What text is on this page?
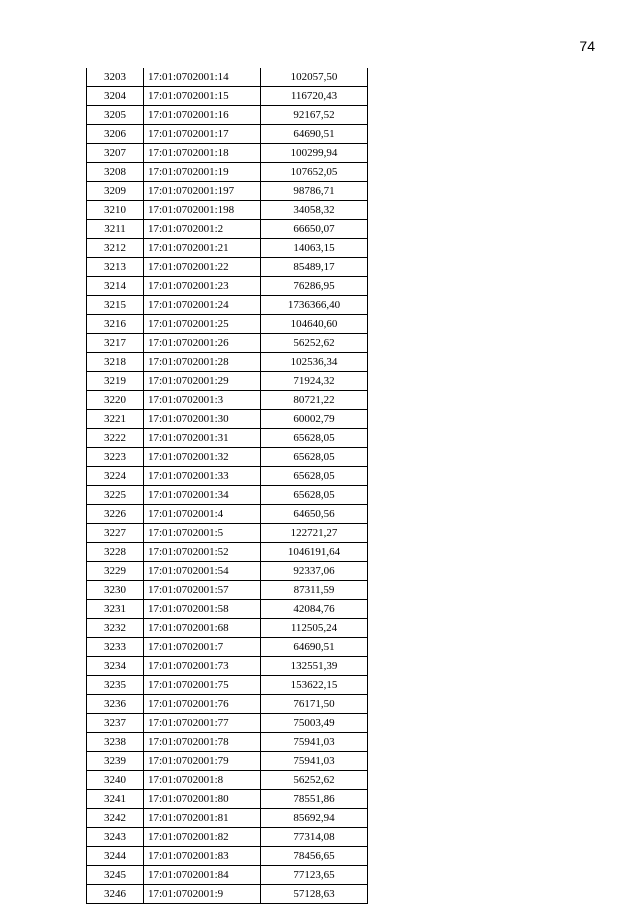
74
3203	17:01:0702001:14	102057,50
3204	17:01:0702001:15	116720,43
3205	17:01:0702001:16	92167,52
3206	17:01:0702001:17	64690,51
3207	17:01:0702001:18	100299,94
3208	17:01:0702001:19	107652,05
3209	17:01:0702001:197	98786,71
3210	17:01:0702001:198	34058,32
3211	17:01:0702001:2	66650,07
3212	17:01:0702001:21	14063,15
3213	17:01:0702001:22	85489,17
3214	17:01:0702001:23	76286,95
3215	17:01:0702001:24	1736366,40
3216	17:01:0702001:25	104640,60
3217	17:01:0702001:26	56252,62
3218	17:01:0702001:28	102536,34
3219	17:01:0702001:29	71924,32
3220	17:01:0702001:3	80721,22
3221	17:01:0702001:30	60002,79
3222	17:01:0702001:31	65628,05
3223	17:01:0702001:32	65628,05
3224	17:01:0702001:33	65628,05
3225	17:01:0702001:34	65628,05
3226	17:01:0702001:4	64650,56
3227	17:01:0702001:5	122721,27
3228	17:01:0702001:52	1046191,64
3229	17:01:0702001:54	92337,06
3230	17:01:0702001:57	87311,59
3231	17:01:0702001:58	42084,76
3232	17:01:0702001:68	112505,24
3233	17:01:0702001:7	64690,51
3234	17:01:0702001:73	132551,39
3235	17:01:0702001:75	153622,15
3236	17:01:0702001:76	76171,50
3237	17:01:0702001:77	75003,49
3238	17:01:0702001:78	75941,03
3239	17:01:0702001:79	75941,03
3240	17:01:0702001:8	56252,62
3241	17:01:0702001:80	78551,86
3242	17:01:0702001:81	85692,94
3243	17:01:0702001:82	77314,08
3244	17:01:0702001:83	78456,65
3245	17:01:0702001:84	77123,65
3246	17:01:0702001:9	57128,63
